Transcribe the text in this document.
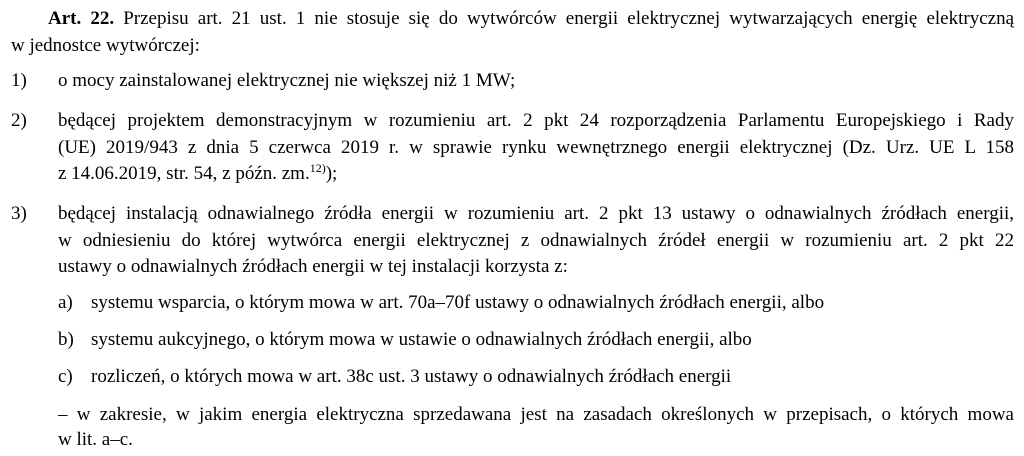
Art. 22. Przepisu art. 21 ust. 1 nie stosuje się do wytwórców energii elektrycznej wytwarzających energię elektryczną
w jednostce wytwórczej:
1) o mocy zainstalowanej elektrycznej nie większej niż 1 MW;
2) będącej projektem demonstracyjnym w rozumieniu art. 2 pkt 24 rozporządzenia Parlamentu Europejskiego i Rady
(UE) 2019/943 z dnia 5 czerwca 2019 r. w sprawie rynku wewnętrznego energii elektrycznej (Dz. Urz. UE L 158
z 14.06.2019, str. 54, z późn. zm.$^{12)}$);
3) będącej instalacją odnawialnego źródła energii w rozumieniu art. 2 pkt 13 ustawy o odnawialnych źródłach energii,
w odniesieniu do której wytwórca energii elektrycznej z odnawialnych źródeł energii w rozumieniu art. 2 pkt 22
ustawy o odnawialnych źródłach energii w tej instalacji korzysta z:
a) systemu wsparcia, o którym mowa w art. 70a–70f ustawy o odnawialnych źródłach energii, albo
b) systemu aukcyjnego, o którym mowa w ustawie o odnawialnych źródłach energii, albo
c) rozliczeń, o których mowa w art. 38c ust. 3 ustawy o odnawialnych źródłach energii
– w zakresie, w jakim energia elektryczna sprzedawana jest na zasadach określonych w przepisach, o których mowa
w lit. a–c.
